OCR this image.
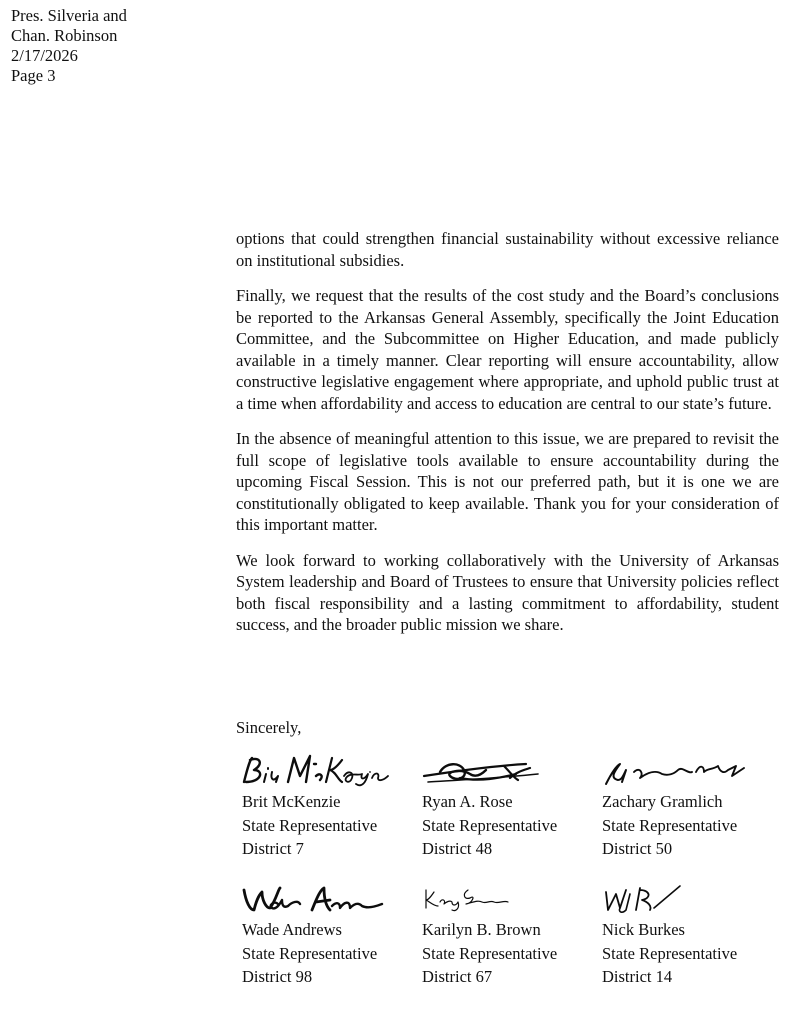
Pres. Silveria and
Chan. Robinson
2/17/2026
Page 3

options that could strengthen financial sustainability without excessive reliance on institutional subsidies.

Finally, we request that the results of the cost study and the Board’s conclusions be reported to the Arkansas General Assembly, specifically the Joint Education Committee, and the Subcommittee on Higher Education, and made publicly available in a timely manner. Clear reporting will ensure accountability, allow constructive legislative engagement where appropriate, and uphold public trust at a time when affordability and access to education are central to our state’s future.

In the absence of meaningful attention to this issue, we are prepared to revisit the full scope of legislative tools available to ensure accountability during the upcoming Fiscal Session. This is not our preferred path, but it is one we are constitutionally obligated to keep available. Thank you for your consideration of this important matter.

We look forward to working collaboratively with the University of Arkansas System leadership and Board of Trustees to ensure that University policies reflect both fiscal responsibility and a lasting commitment to affordability, student success, and the broader public mission we share.

Sincerely,
Brit McKenzie
State Representative
District 7
Ryan A. Rose
State Representative
District 48
Zachary Gramlich
State Representative
District 50
Wade Andrews
State Representative
District 98
Karilyn B. Brown
State Representative
District 67
Nick Burkes
State Representative
District 14
